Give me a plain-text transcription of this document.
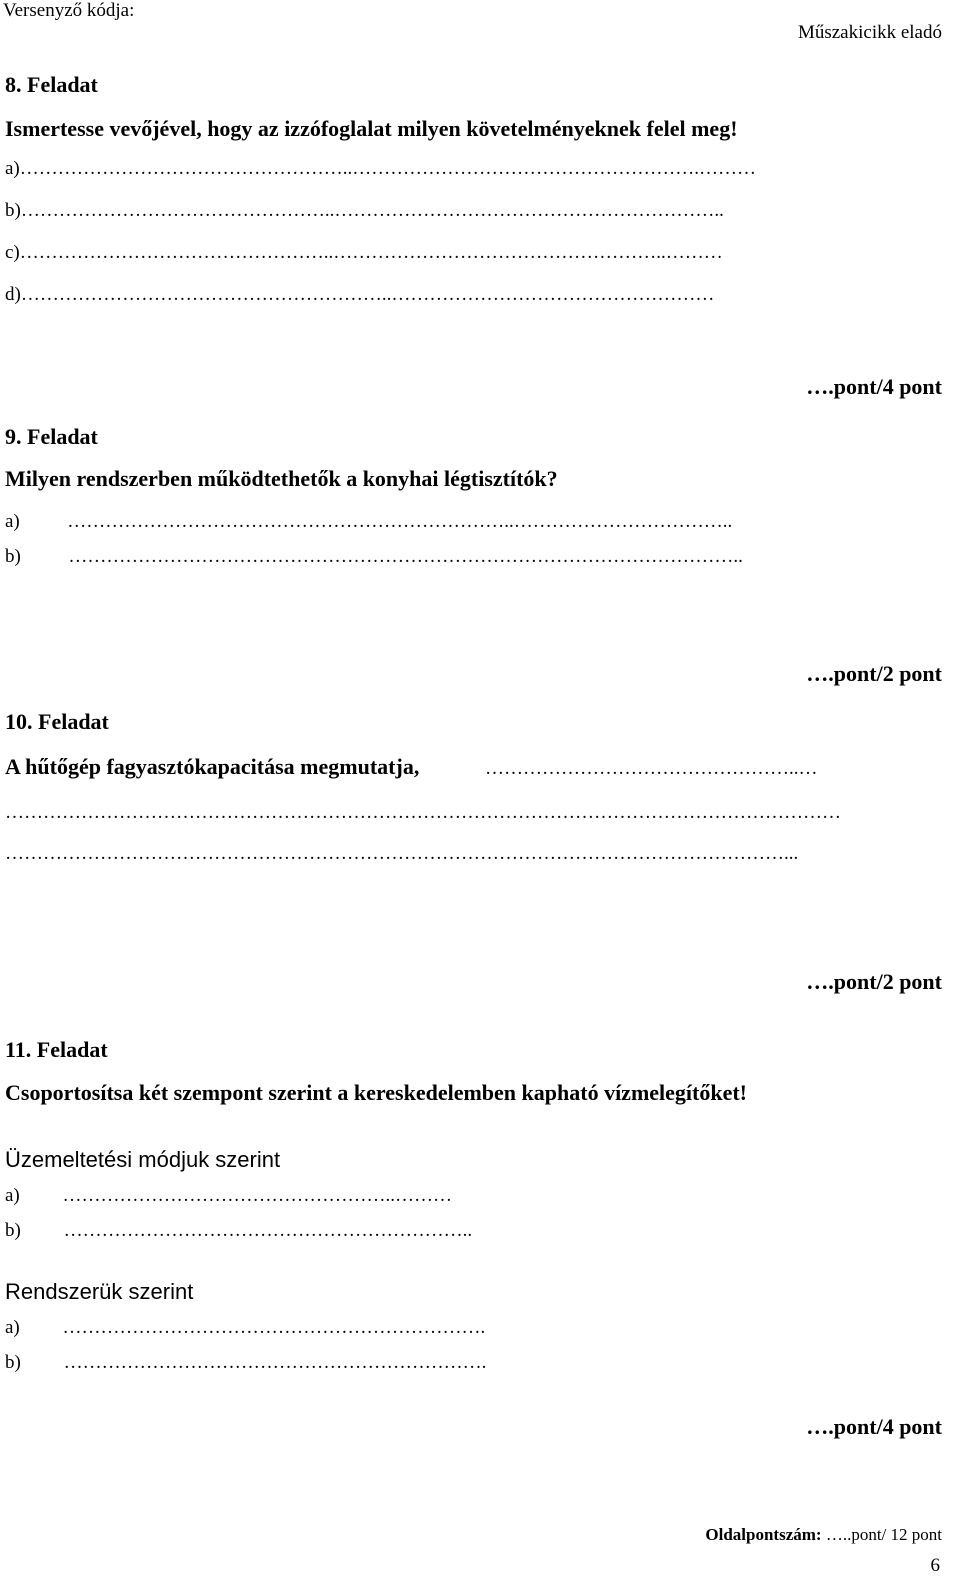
Versenyző kódja:
Műszakicikk eladó
8. Feladat
Ismertesse vevőjével, hogy az izzófoglalat milyen követelményeknek felel meg!
a)……………………………………………..……………………………………………….………
b)…………………………………………..……………………………………………………..
c)…………………………………………..……………………………………………..………
d)…………………………………………………..……………………………………………
….pont/4 pont
9. Feladat
Milyen rendszerben működtethetők a konyhai légtisztítók?
a)          ……………………………………………………………..……………………………..
b)          ……………………………………………………………………………………………..
….pont/2 pont
10. Feladat
A hűtőgép fagyasztókapacitása megmutatja,	…………………………………………..…
……………………………………………………………………………………………………………………
……………………………………………………………………………………………………………...
….pont/2 pont
11. Feladat
Csoportosítsa két szempont szerint a kereskedelemben kapható vízmelegítőket!
Üzemeltetési módjuk szerint
a)         ……………………………………………..………
b)         ………………………………………………………..
Rendszerük szerint
a)         ………………………………………………………….
b)         ………………………………………………………….
….pont/4 pont
Oldalpontszám: …..pont/ 12 pont
6
